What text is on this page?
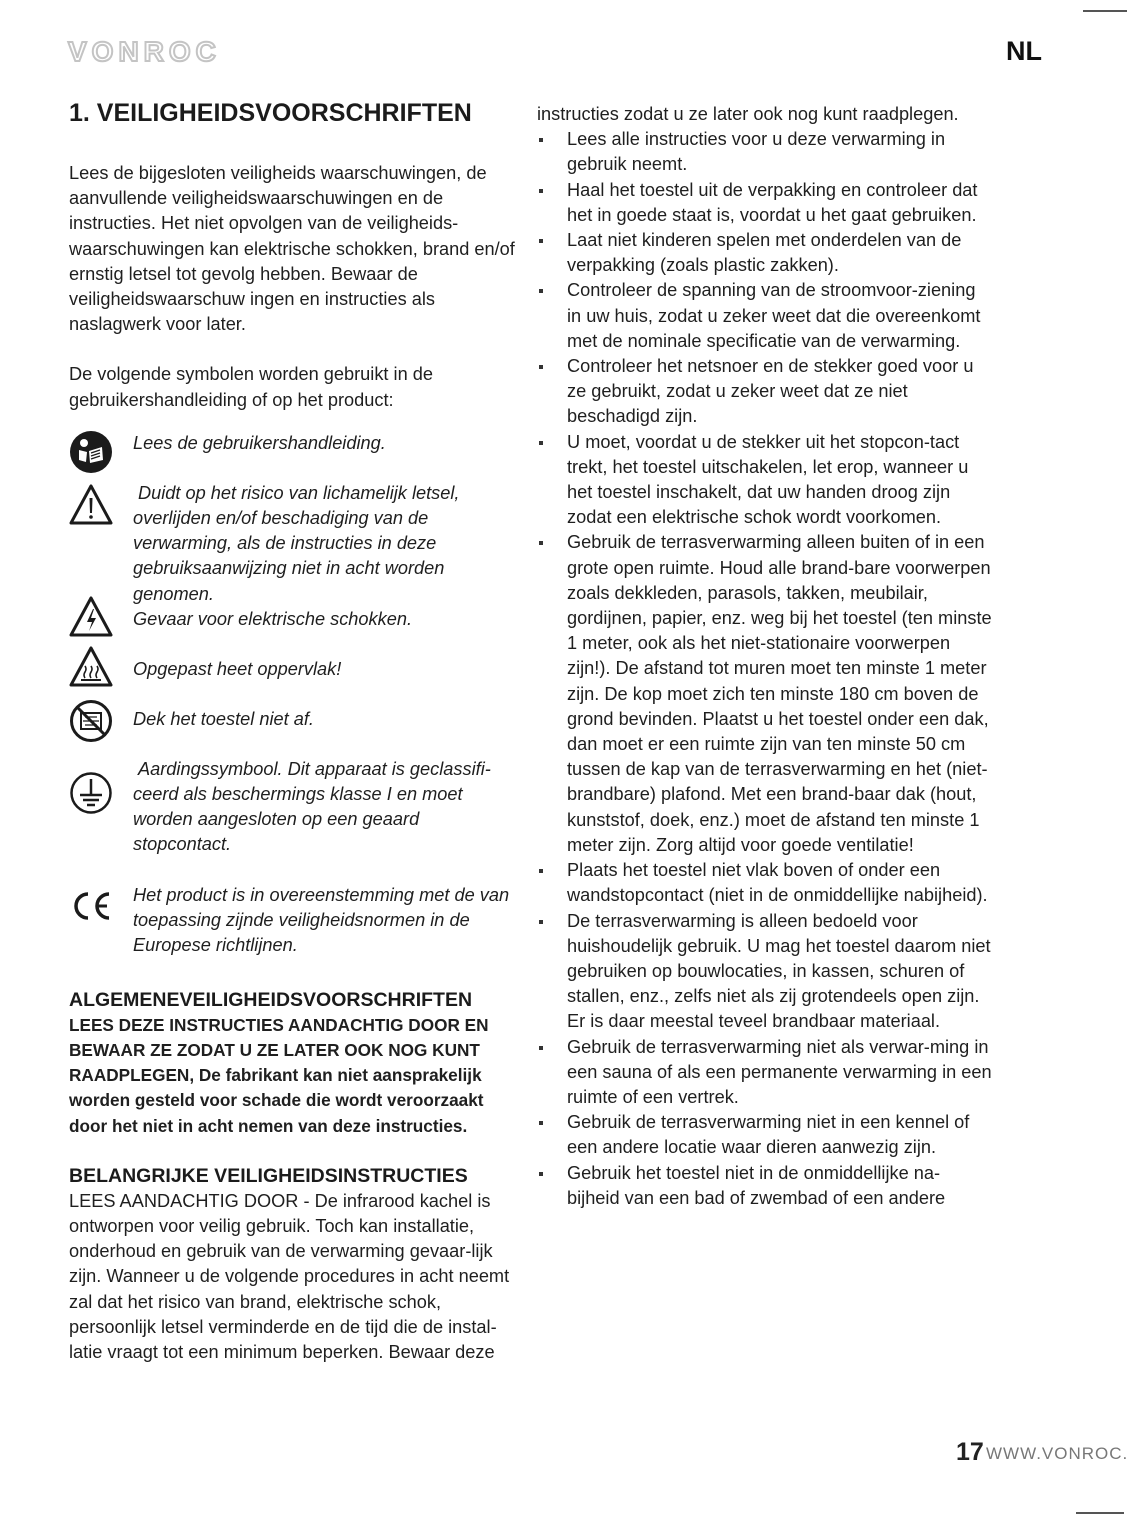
VONROC	NL
1. VEILIGHEIDSVOORSCHRIFTEN

Lees de bijgesloten veiligheids waarschuwingen, de aanvullende veiligheidswaarschuwingen en de instructies. Het niet opvolgen van de veiligheids-waarschuwingen kan elektrische schokken, brand en/of ernstig letsel tot gevolg hebben. Bewaar de veiligheidswaarschuw ingen en instructies als naslagwerk voor later.

De volgende symbolen worden gebruikt in de gebruikershandleiding of op het product:

Lees de gebruikershandleiding.
Duidt op het risico van lichamelijk letsel, overlijden en/of beschadiging van de verwarming, als de instructies in deze gebruiksaanwijzing niet in acht worden genomen.
Gevaar voor elektrische schokken.
Opgepast heet oppervlak!
Dek het toestel niet af.
Aardingssymbool. Dit apparaat is geclassifi-ceerd als beschermings klasse I en moet worden aangesloten op een geaard stopcontact.
Het product is in overeenstemming met de van toepassing zijnde veiligheidsnormen in de Europese richtlijnen.
ALGEMENEVEILIGHEIDSVOORSCHRIFTEN

LEES DEZE INSTRUCTIES AANDACHTIG DOOR EN BEWAAR ZE ZODAT U ZE LATER OOK NOG KUNT RAADPLEGEN, De fabrikant kan niet aansprakelijk worden gesteld voor schade die wordt veroorzaakt door het niet in acht nemen van deze instructies.

BELANGRIJKE VEILIGHEIDSINSTRUCTIES

LEES AANDACHTIG DOOR - De infrarood kachel is ontworpen voor veilig gebruik. Toch kan installatie, onderhoud en gebruik van de verwarming gevaar-lijk zijn. Wanneer u de volgende procedures in acht neemt zal dat het risico van brand, elektrische schok, persoonlijk letsel verminderde en de tijd die de instal-latie vraagt tot een minimum beperken. Bewaar deze

instructies zodat u ze later ook nog kunt raadplegen.

Lees alle instructies voor u deze verwarming in gebruik neemt.
Haal het toestel uit de verpakking en controleer dat het in goede staat is, voordat u het gaat gebruiken.
Laat niet kinderen spelen met onderdelen van de verpakking (zoals plastic zakken).
Controleer de spanning van de stroomvoor-ziening in uw huis, zodat u zeker weet dat die overeenkomt met de nominale specificatie van de verwarming.
Controleer het netsnoer en de stekker goed voor u ze gebruikt, zodat u zeker weet dat ze niet beschadigd zijn.
U moet, voordat u de stekker uit het stopcon-tact trekt, het toestel uitschakelen, let erop, wanneer u het toestel inschakelt, dat uw handen droog zijn zodat een elektrische schok wordt voorkomen.
Gebruik de terrasverwarming alleen buiten of in een grote open ruimte. Houd alle brand-bare voorwerpen zoals dekkleden, parasols, takken, meubilair, gordijnen, papier, enz. weg bij het toestel (ten minste 1 meter, ook als het niet-stationaire voorwerpen zijn!). De afstand tot muren moet ten minste 1 meter zijn. De kop moet zich ten minste 180 cm boven de grond bevinden. Plaatst u het toestel onder een dak, dan moet er een ruimte zijn van ten minste 50 cm tussen de kap van de terrasverwarming en het (niet-brandbare) plafond. Met een brand-baar dak (hout, kunststof, doek, enz.) moet de afstand ten minste 1 meter zijn. Zorg altijd voor goede ventilatie!
Plaats het toestel niet vlak boven of onder een wandstopcontact (niet in de onmiddellijke nabijheid).
De terrasverwarming is alleen bedoeld voor huishoudelijk gebruik. U mag het toestel daarom niet gebruiken op bouwlocaties, in kassen, schuren of stallen, enz., zelfs niet als zij grotendeels open zijn. Er is daar meestal teveel brandbaar materiaal.
Gebruik de terrasverwarming niet als verwar-ming in een sauna of als een permanente verwarming in een ruimte of een vertrek.
Gebruik de terrasverwarming niet in een kennel of een andere locatie waar dieren aanwezig zijn.
Gebruik het toestel niet in de onmiddellijke na-bijheid van een bad of zwembad of een andere
17 WWW.VONROC.
